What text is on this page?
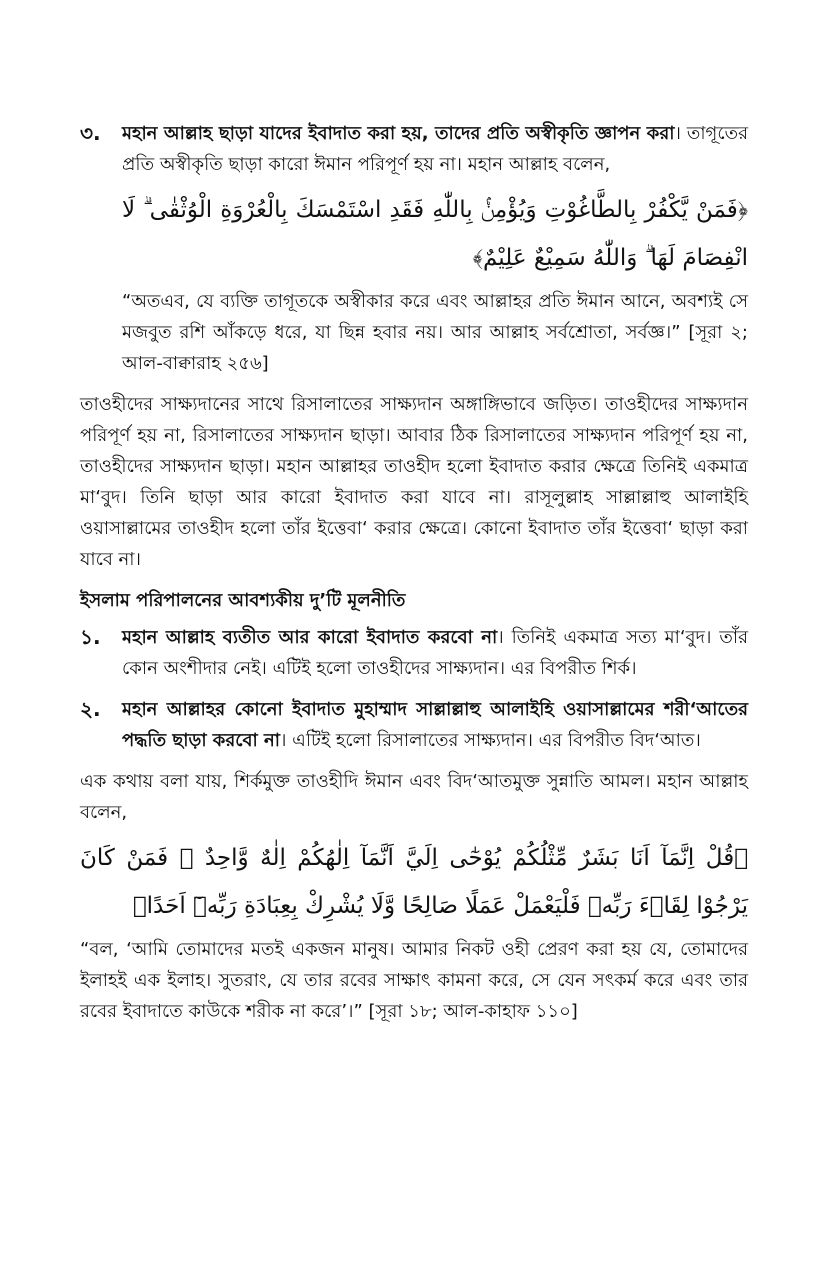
৩.	মহান আল্লাহ ছাড়া যাদের ইবাদাত করা হয়, তাদের প্রতি অস্বীকৃতি জ্ঞাপন করা। তাগূতের প্রতি অস্বীকৃতি ছাড়া কারো ঈমান পরিপূর্ণ হয় না। মহান আল্লাহ বলেন,
﴿فَمَنْ يَّكْفُرْ بِالطَّاغُوْتِ وَيُؤْمِنْۢ بِاللّٰهِ فَقَدِ اسْتَمْسَكَ بِالْعُرْوَةِ الْوُثْقٰى ۗ لَا انْفِصَامَ لَهَا ۗ وَاللّٰهُ سَمِيْعٌ عَلِيْمٌ﴾
“অতএব, যে ব্যক্তি তাগূতকে অস্বীকার করে এবং আল্লাহর প্রতি ঈমান আনে, অবশ্যই সে মজবুত রশি আঁকড়ে ধরে, যা ছিন্ন হবার নয়। আর আল্লাহ সর্বশ্রোতা, সর্বজ্ঞ।” [সূরা ২; আল-বাক্বারাহ ২৫৬]
তাওহীদের সাক্ষ্যদানের সাথে রিসালাতের সাক্ষ্যদান অঙ্গাঙ্গিভাবে জড়িত। তাওহীদের সাক্ষ্যদান পরিপূর্ণ হয় না, রিসালাতের সাক্ষ্যদান ছাড়া। আবার ঠিক রিসালাতের সাক্ষ্যদান পরিপূর্ণ হয় না, তাওহীদের সাক্ষ্যদান ছাড়া। মহান আল্লাহর তাওহীদ হলো ইবাদাত করার ক্ষেত্রে তিনিই একমাত্র মা‘বুদ। তিনি ছাড়া আর কারো ইবাদাত করা যাবে না। রাসূলুল্লাহ সাল্লাল্লাহু আলাইহি ওয়াসাল্লামের তাওহীদ হলো তাঁর ইত্তেবা‘ করার ক্ষেত্রে। কোনো ইবাদাত তাঁর ইত্তেবা‘ ছাড়া করা যাবে না।
ইসলাম পরিপালনের আবশ্যকীয় দু’টি মূলনীতি
১.	মহান আল্লাহ ব্যতীত আর কারো ইবাদাত করবো না। তিনিই একমাত্র সত্য মা‘বুদ। তাঁর কোন অংশীদার নেই। এটিই হলো তাওহীদের সাক্ষ্যদান। এর বিপরীত শির্ক।
২.	মহান আল্লাহর কোনো ইবাদাত মুহাম্মাদ সাল্লাল্লাহু আলাইহি ওয়াসাল্লামের শরী‘আতের পদ্ধতি ছাড়া করবো না। এটিই হলো রিসালাতের সাক্ষ্যদান। এর বিপরীত বিদ‘আত।
এক কথায় বলা যায়, শির্কমুক্ত তাওহীদি ঈমান এবং বিদ‘আতমুক্ত সুন্নাতি আমল। মহান আল্লাহ বলেন,
﴿قُلْ اِنَّمَآ اَنَا بَشَرٌ مِّثْلُكُمْ يُوْحٰٓى اِلَيَّ اَنَّمَآ اِلٰهُكُمْ اِلٰهٌ وَّاحِدٌ ۚ فَمَنْ كَانَ يَرْجُوْا لِقَاۤءَ رَبِّهٖ فَلْيَعْمَلْ عَمَلًا صَالِحًا وَّلَا يُشْرِكْ بِعِبَادَةِ رَبِّهٖٓ اَحَدًا﴾
“বল, ‘আমি তোমাদের মতই একজন মানুষ। আমার নিকট ওহী প্রেরণ করা হয় যে, তোমাদের ইলাহই এক ইলাহ। সুতরাং, যে তার রবের সাক্ষাৎ কামনা করে, সে যেন সৎকর্ম করে এবং তার রবের ইবাদাতে কাউকে শরীক না করে’।” [সূরা ১৮; আল-কাহাফ ১১০]
